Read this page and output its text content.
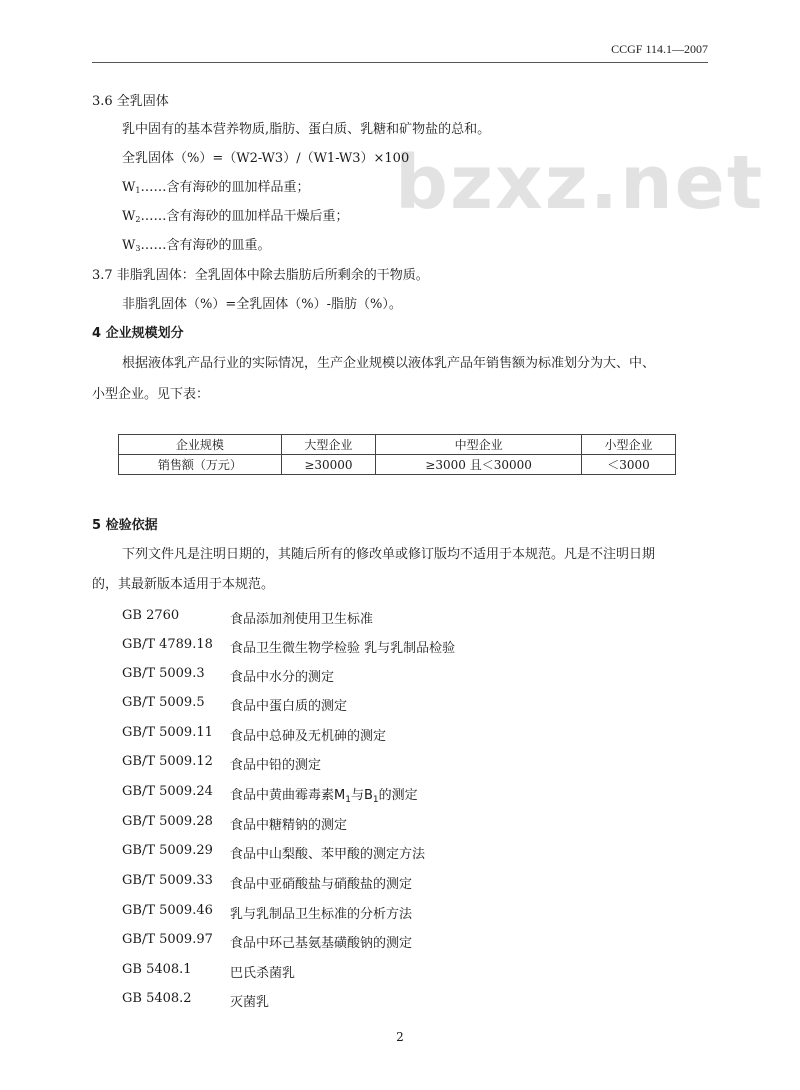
CCGF 114.1—2007
bzxz.net
3.6 全乳固体
乳中固有的基本营养物质,脂肪、蛋白质、乳糖和矿物盐的总和。
全乳固体（%）=（W2-W3）/（W1-W3）×100
$W_1\dots\dots$含有海砂的皿加样品重；
$W_2\dots\dots$含有海砂的皿加样品干燥后重；
$W_3\dots\dots$含有海砂的皿重。
3.7 非脂乳固体：全乳固体中除去脂肪后所剩余的干物质。
非脂乳固体（%）=全乳固体（%）-脂肪（%）。
4 企业规模划分
根据液体乳产品行业的实际情况，生产企业规模以液体乳产品年销售额为标准划分为大、中、
小型企业。见下表：
企业规模	大型企业	中型企业	小型企业
销售额（万元）	≥30000	≥3000 且＜30000	＜3000
5 检验依据
下列文件凡是注明日期的，其随后所有的修改单或修订版均不适用于本规范。凡是不注明日期
的，其最新版本适用于本规范。
GB 2760	食品添加剂使用卫生标准
GB/T 4789.18 食品卫生微生物学检验 乳与乳制品检验
GB/T 5009.3 食品中水分的测定
GB/T 5009.5 食品中蛋白质的测定
GB/T 5009.11 食品中总砷及无机砷的测定
GB/T 5009.12 食品中铅的测定
GB/T 5009.24 食品中黄曲霉毒素$M_1$与$B_1$的测定
GB/T 5009.28 食品中糖精钠的测定
GB/T 5009.29 食品中山梨酸、苯甲酸的测定方法
GB/T 5009.33 食品中亚硝酸盐与硝酸盐的测定
GB/T 5009.46 乳与乳制品卫生标准的分析方法
GB/T 5009.97 食品中环己基氨基磺酸钠的测定
GB 5408.1	巴氏杀菌乳
GB 5408.2	灭菌乳
2
